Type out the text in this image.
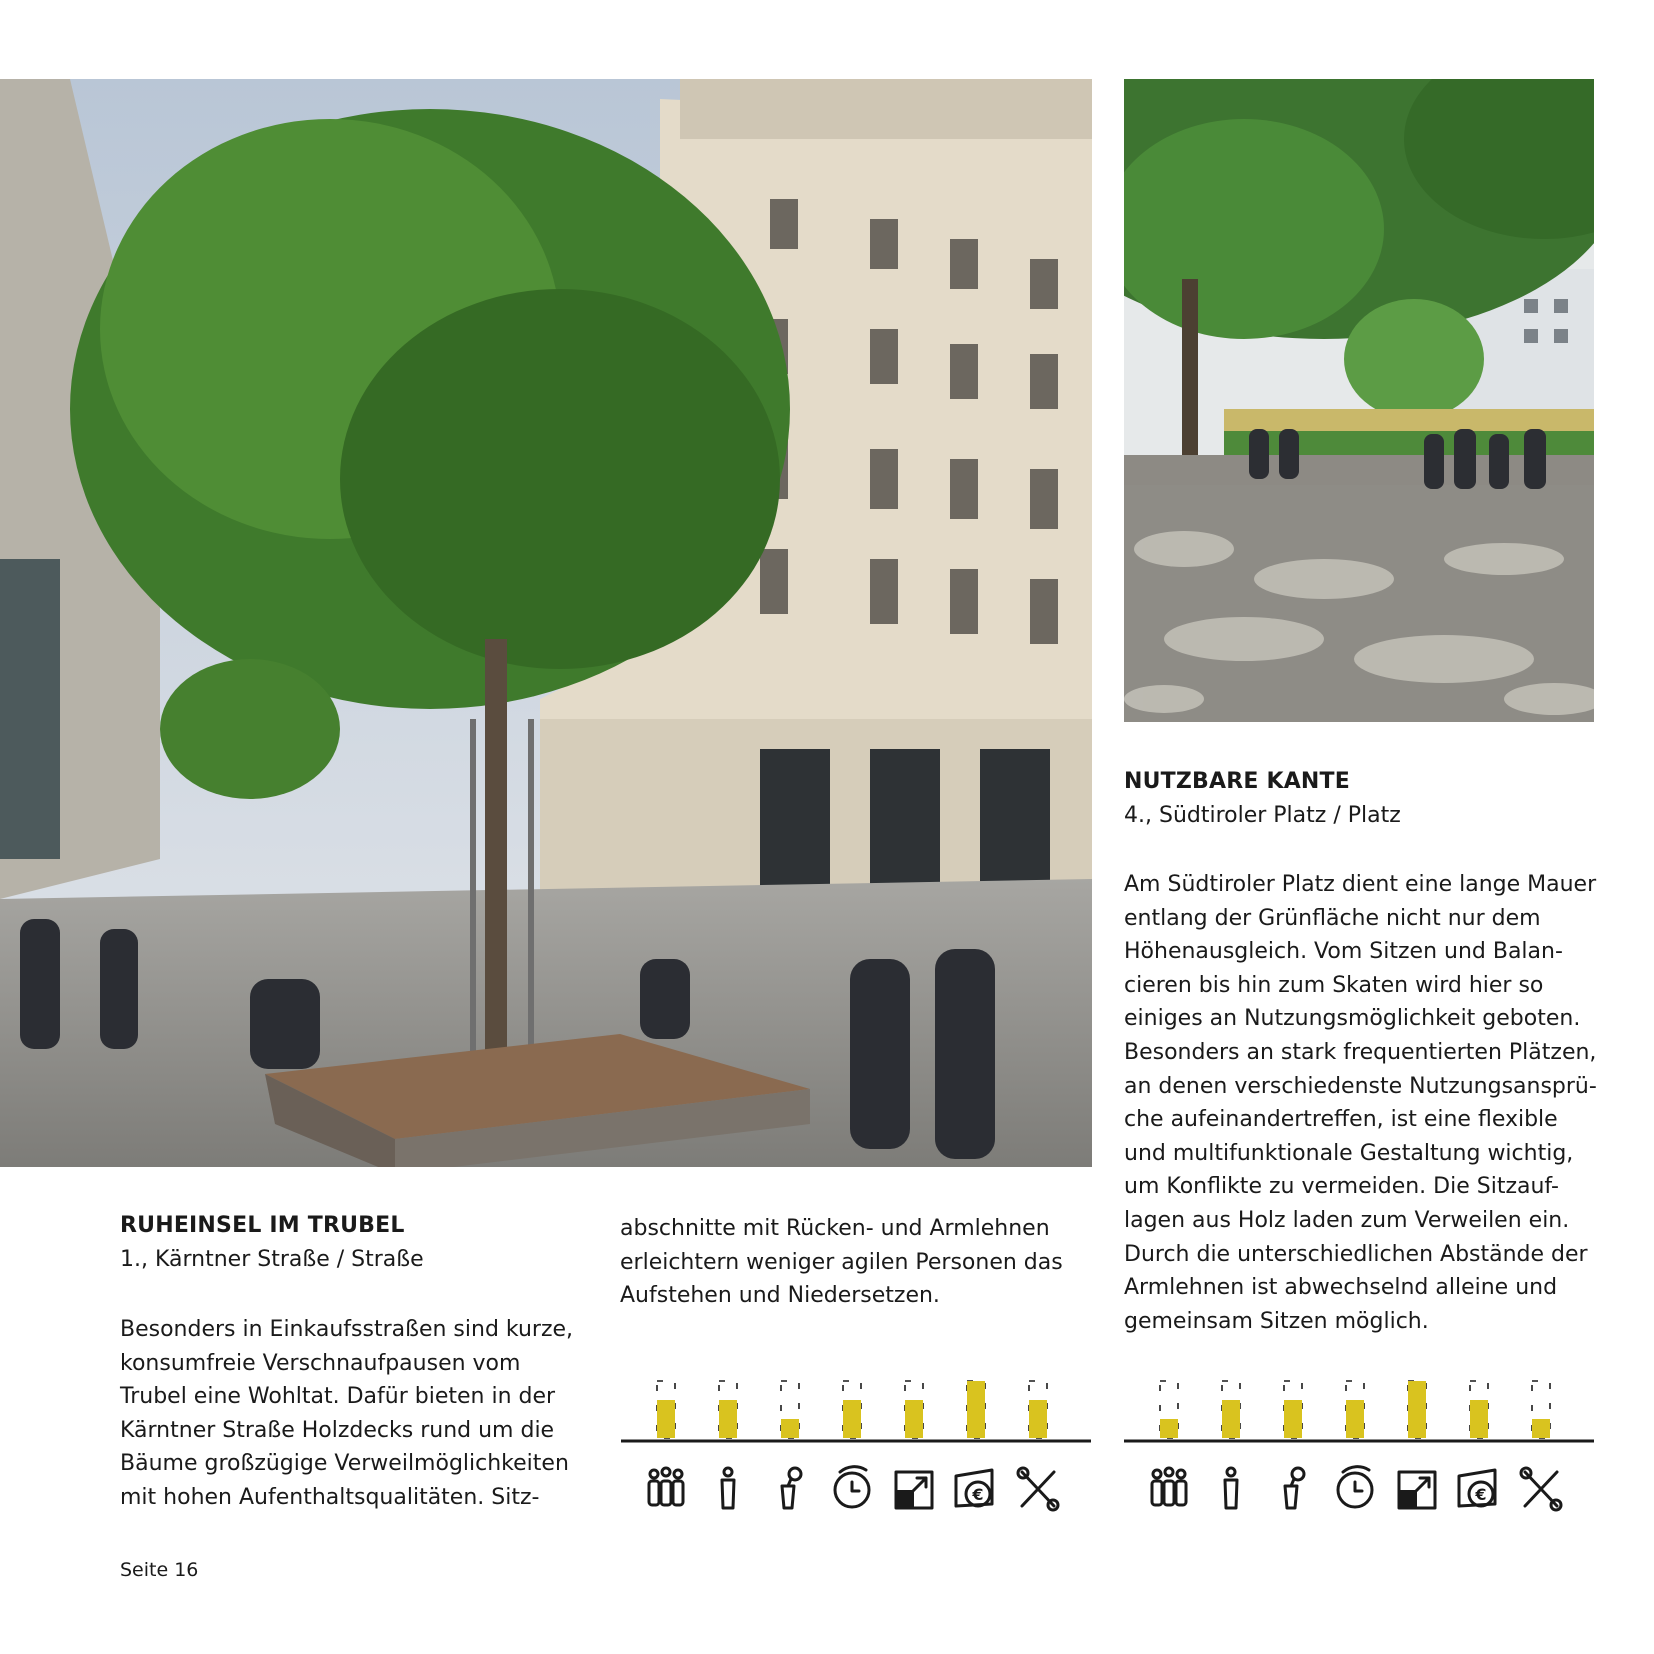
RUHEINSEL IM TRUBEL
1., Kärntner Straße / Straße
Besonders in Einkaufsstraßen sind kurze,
konsumfreie Verschnaufpausen vom
Trubel eine Wohltat. Dafür bieten in der
Kärntner Straße Holzdecks rund um die
Bäume großzügige Verweilmöglichkeiten
mit hohen Aufenthaltsqualitäten. Sitz-
abschnitte mit Rücken- und Armlehnen
erleichtern weniger agilen Personen das
Aufstehen und Niedersetzen.
NUTZBARE KANTE
4., Südtiroler Platz / Platz
Am Südtiroler Platz dient eine lange Mauer
entlang der Grünfläche nicht nur dem
Höhenausgleich. Vom Sitzen und Balan-
cieren bis hin zum Skaten wird hier so
einiges an Nutzungsmöglichkeit geboten.
Besonders an stark frequentierten Plätzen,
an denen verschiedenste Nutzungsansprü-
che aufeinandertreffen, ist eine flexible
und multifunktionale Gestaltung wichtig,
um Konflikte zu vermeiden. Die Sitzauf-
lagen aus Holz laden zum Verweilen ein.
Durch die unterschiedlichen Abstände der
Armlehnen ist abwechselnd alleine und
gemeinsam Sitzen möglich.
€	€
Seite 16
